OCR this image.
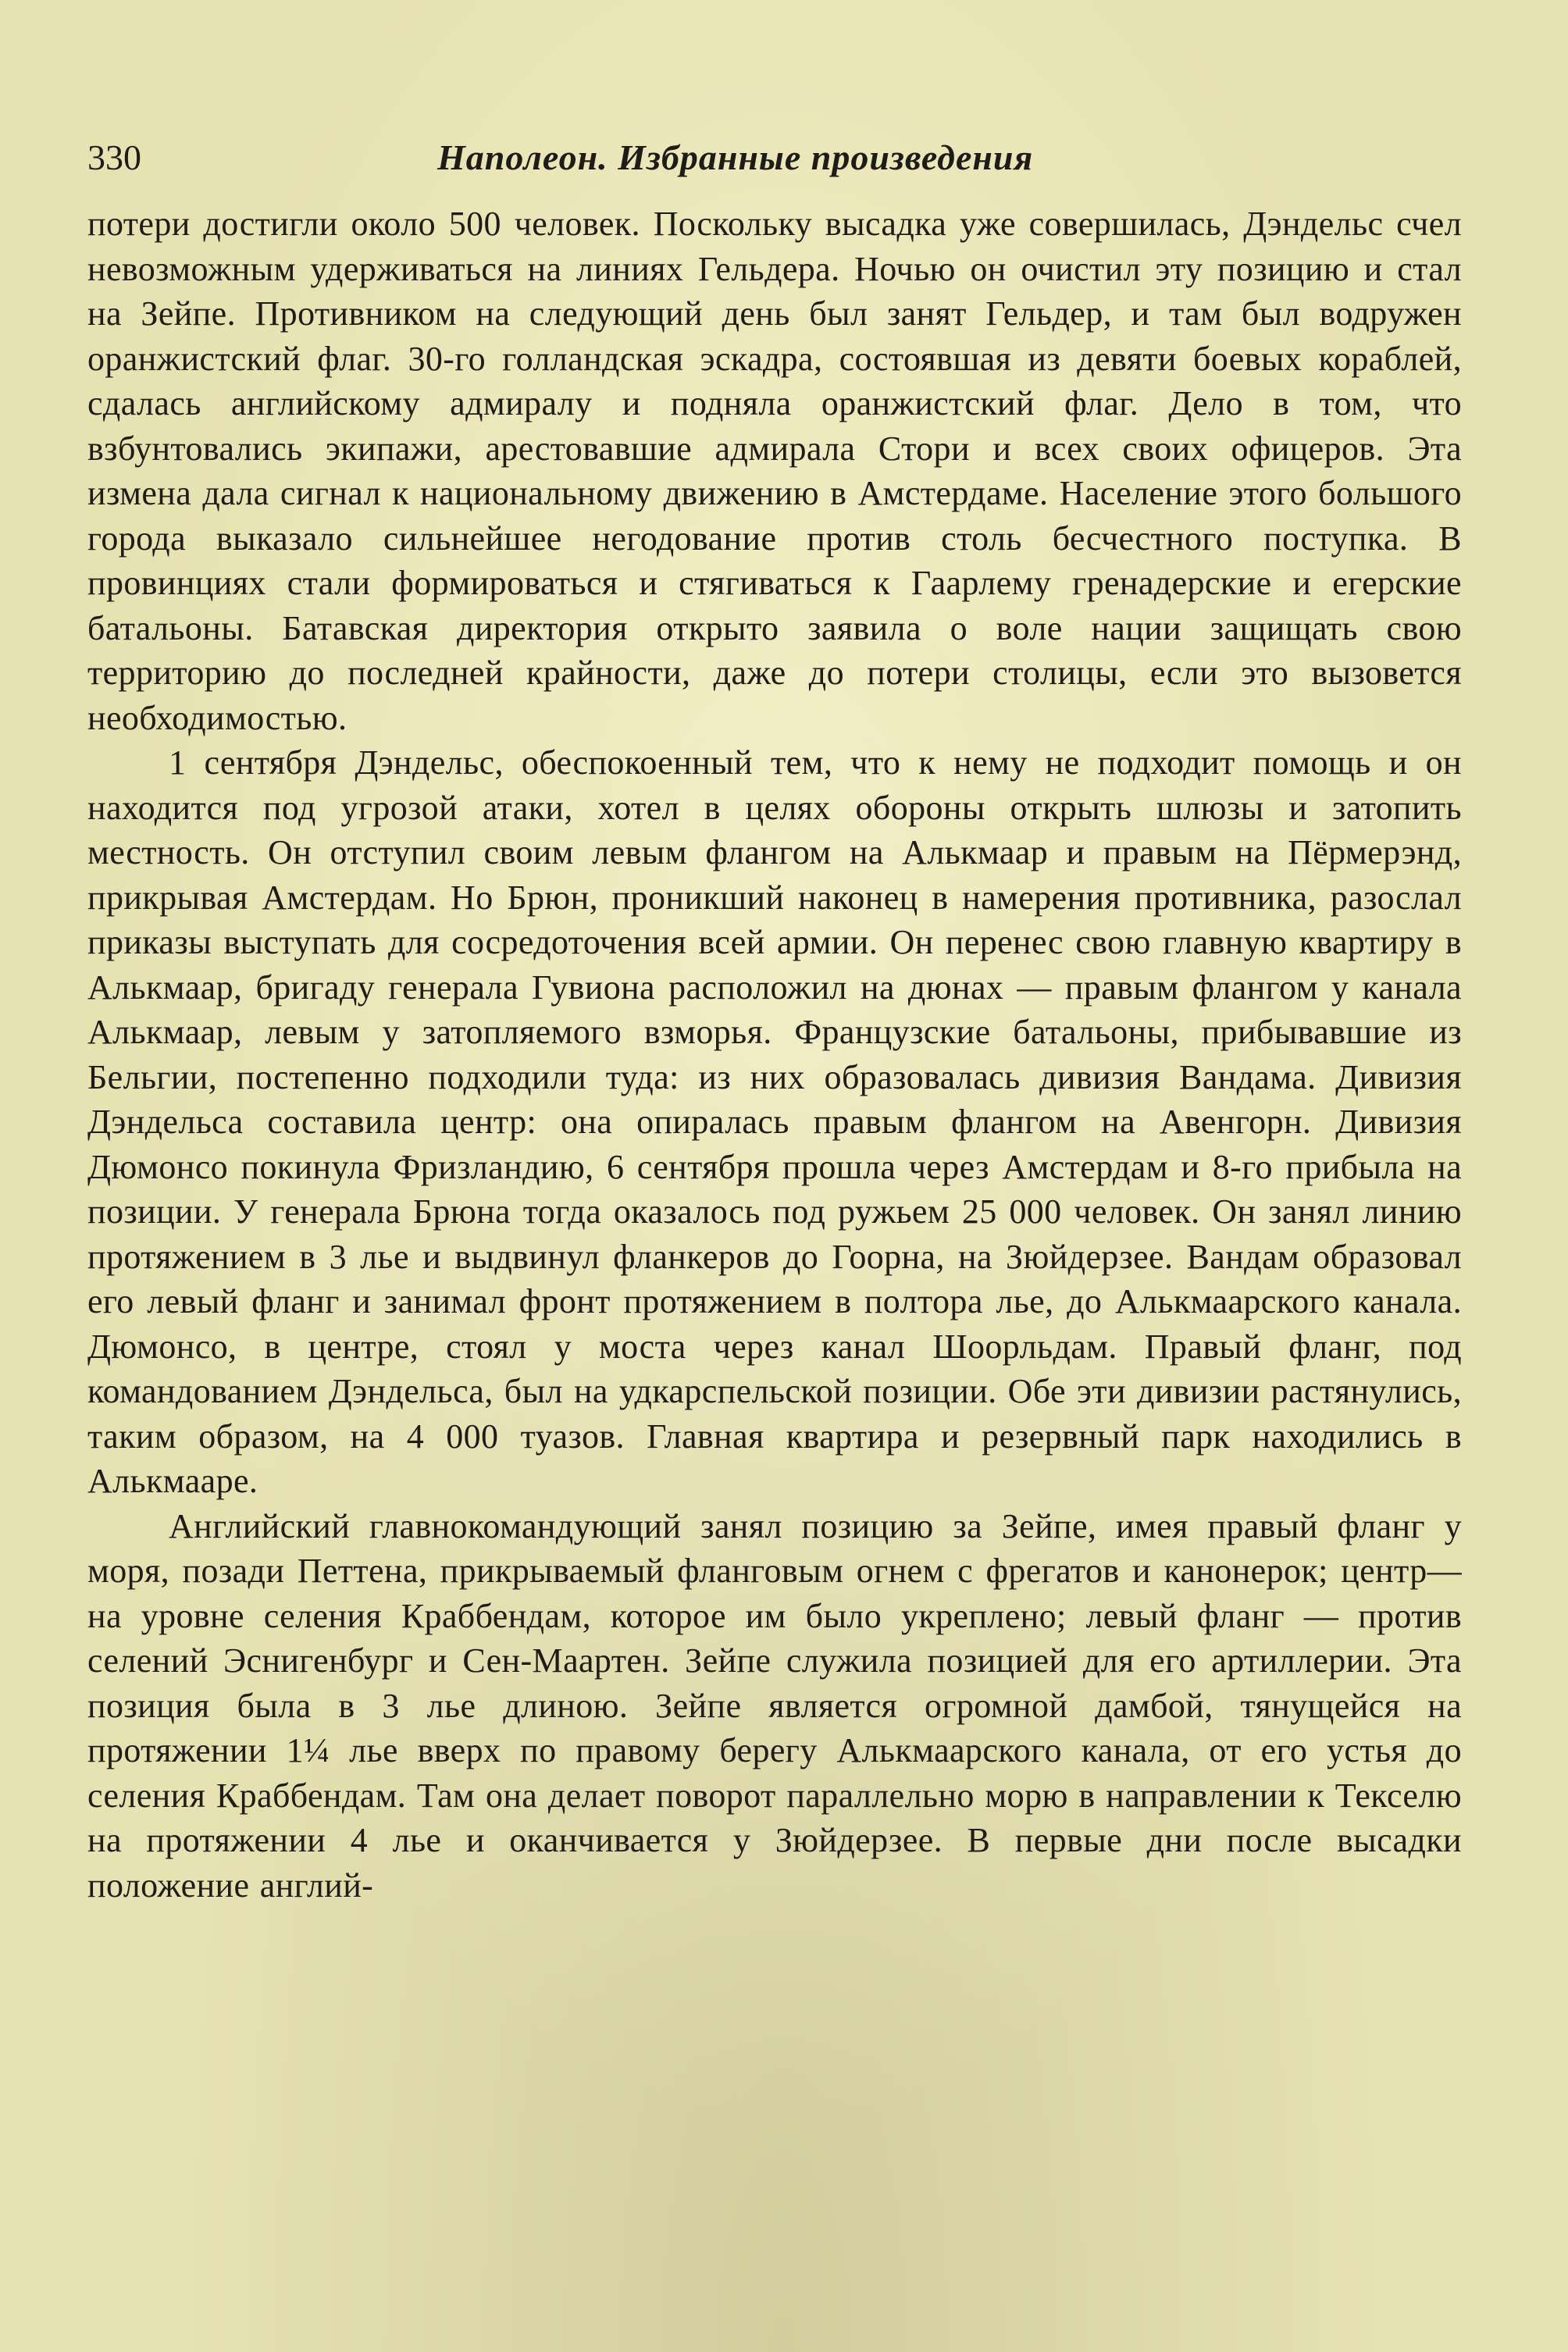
330	Наполеон. Избранные произведения

потери достигли около 500 человек. Поскольку высадка уже совершилась, Дэндельс счел невозможным удерживаться на линиях Гельдера. Ночью он очистил эту позицию и стал на Зейпе. Противником на следующий день был занят Гельдер, и там был водружен оранжистский флаг. 30-го голландская эскадра, состоявшая из девяти боевых кораблей, сдалась английскому адмиралу и подняла оранжистский флаг. Дело в том, что взбунтовались экипажи, арестовавшие адмирала Стори и всех своих офицеров. Эта измена дала сигнал к национальному движению в Амстердаме. Население этого большого города выказало сильнейшее негодование против столь бесчестного поступка. В провинциях стали формироваться и стягиваться к Гаарлему гренадерские и егерские батальоны. Батавская директория открыто заявила о воле нации защищать свою территорию до последней крайности, даже до потери столицы, если это вызовется необходимостью.

1 сентября Дэндельс, обеспокоенный тем, что к нему не подходит помощь и он находится под угрозой атаки, хотел в целях обороны открыть шлюзы и затопить местность. Он отступил своим левым флангом на Алькмаар и правым на Пёрмерэнд, прикрывая Амстердам. Но Брюн, проникший наконец в намерения противника, разослал приказы выступать для сосредоточения всей армии. Он перенес свою главную квартиру в Алькмаар, бригаду генерала Гувиона расположил на дюнах — правым флангом у канала Алькмаар, левым у затопляемого взморья. Французские батальоны, прибывавшие из Бельгии, постепенно подходили туда: из них образовалась дивизия Вандама. Дивизия Дэндельса составила центр: она опиралась правым флангом на Авенгорн. Дивизия Дюмонсо покинула Фризландию, 6 сентября прошла через Амстердам и 8-го прибыла на позиции. У генерала Брюна тогда оказалось под ружьем 25 000 человек. Он занял линию протяжением в 3 лье и выдвинул фланкеров до Гоорна, на Зюйдерзее. Вандам образовал его левый фланг и занимал фронт протяжением в полтора лье, до Алькмаарского канала. Дюмонсо, в центре, стоял у моста через канал Шоорльдам. Правый фланг, под командованием Дэндельса, был на удкарспельской позиции. Обе эти дивизии растянулись, таким образом, на 4 000 туазов. Главная квартира и резервный парк находились в Алькмааре.

Английский главнокомандующий занял позицию за Зейпе, имея правый фланг у моря, позади Петтена, прикрываемый фланговым огнем с фрегатов и канонерок; центр—на уровне селения Краббендам, которое им было укреплено; левый фланг — против селений Эснигенбург и Сен-Маартен. Зейпе служила позицией для его артиллерии. Эта позиция была в 3 лье длиною. Зейпе является огромной дамбой, тянущейся на протяжении 1¼ лье вверх по правому берегу Алькмаарского канала, от его устья до селения Краббендам. Там она делает поворот параллельно морю в направлении к Текселю на протяжении 4 лье и оканчивается у Зюйдерзее. В первые дни после высадки положение англий-
